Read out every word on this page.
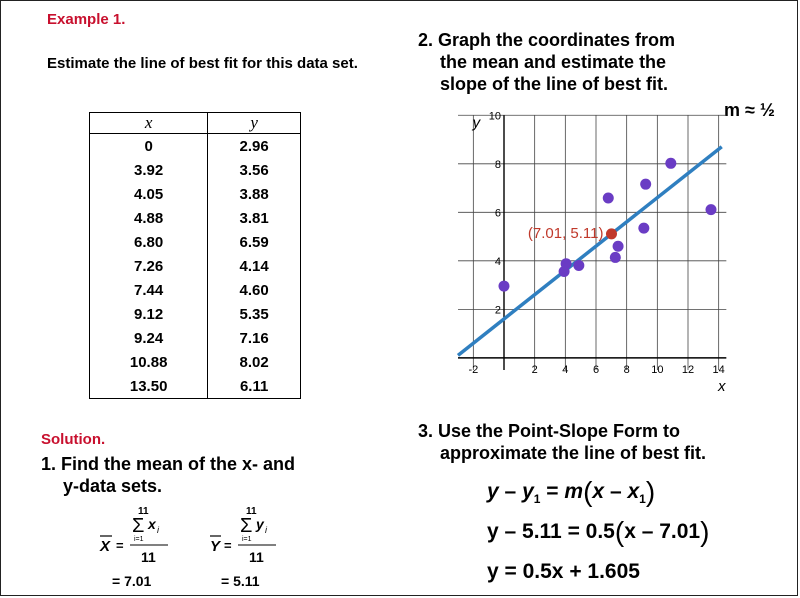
Example 1.
Estimate the line of best fit for this data set.
x	y
0	2.96
3.92	3.56
4.05	3.88
4.88	3.81
6.80	6.59
7.26	4.14
7.44	4.60
9.12	5.35
9.24	7.16
10.88	8.02
13.50	6.11
Solution.
1. Find the mean of the x- and
y-data sets.
X =
11
Σ x i
i=1
11
= 7.01
Y =
11
Σ y i
i=1
11
= 5.11
2. Graph the coordinates from
the mean and estimate the
slope of the line of best fit.
m ≈ ½
-2	2 4 6 8 10 12 14
2
4
6
8
10
x
y
(7.01, 5.11)
3. Use the Point-Slope Form to
approximate the line of best fit.
$y - y_1 = m(x - x_1)$
y – 5.11 = 0.5(x – 7.01)
y = 0.5x + 1.605
